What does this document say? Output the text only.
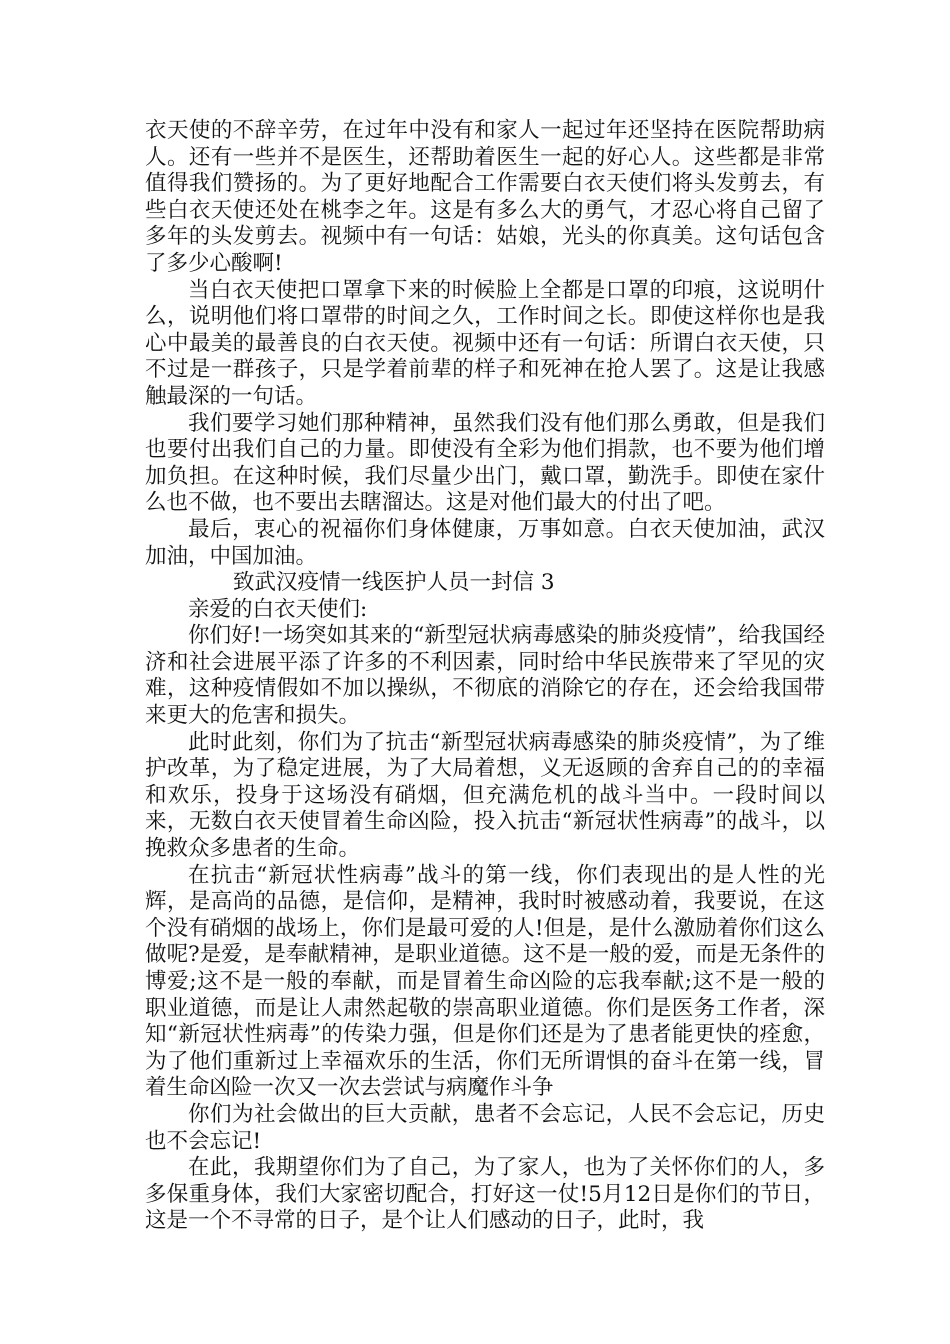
衣天使的不辞辛劳，在过年中没有和家人一起过年还坚持在医院帮助病人。还有一些并不是医生，还帮助着医生一起的好心人。这些都是非常值得我们赞扬的。为了更好地配合工作需要白衣天使们将头发剪去，有些白衣天使还处在桃李之年。这是有多么大的勇气，才忍心将自己留了多年的头发剪去。视频中有一句话：姑娘，光头的你真美。这句话包含了多少心酸啊!

当白衣天使把口罩拿下来的时候脸上全都是口罩的印痕，这说明什么，说明他们将口罩带的时间之久，工作时间之长。即使这样你也是我心中最美的最善良的白衣天使。视频中还有一句话：所谓白衣天使，只不过是一群孩子，只是学着前辈的样子和死神在抢人罢了。这是让我感触最深的一句话。

我们要学习她们那种精神，虽然我们没有他们那么勇敢，但是我们也要付出我们自己的力量。即使没有全彩为他们捐款，也不要为他们增加负担。在这种时候，我们尽量少出门，戴口罩，勤洗手。即使在家什么也不做，也不要出去瞎溜达。这是对他们最大的付出了吧。

最后，衷心的祝福你们身体健康，万事如意。白衣天使加油，武汉加油，中国加油。

致武汉疫情一线医护人员一封信 3

亲爱的白衣天使们:

你们好!一场突如其来的“新型冠状病毒感染的肺炎疫情”，给我国经济和社会进展平添了许多的不利因素，同时给中华民族带来了罕见的灾难，这种疫情假如不加以操纵，不彻底的消除它的存在，还会给我国带来更大的危害和损失。

此时此刻，你们为了抗击“新型冠状病毒感染的肺炎疫情”，为了维护改革，为了稳定进展，为了大局着想，义无返顾的舍弃自己的的幸福和欢乐，投身于这场没有硝烟，但充满危机的战斗当中。一段时间以来，无数白衣天使冒着生命凶险，投入抗击“新冠状性病毒”的战斗，以挽救众多患者的生命。

在抗击“新冠状性病毒”战斗的第一线，你们表现出的是人性的光辉，是高尚的品德，是信仰，是精神，我时时被感动着，我要说，在这个没有硝烟的战场上，你们是最可爱的人!但是，是什么激励着你们这么做呢?是爱，是奉献精神，是职业道德。这不是一般的爱，而是无条件的博爱;这不是一般的奉献，而是冒着生命凶险的忘我奉献;这不是一般的职业道德，而是让人肃然起敬的崇高职业道德。你们是医务工作者，深知“新冠状性病毒”的传染力强，但是你们还是为了患者能更快的痊愈，为了他们重新过上幸福欢乐的生活，你们无所谓惧的奋斗在第一线，冒着生命凶险一次又一次去尝试与病魔作斗争

你们为社会做出的巨大贡献，患者不会忘记，人民不会忘记，历史也不会忘记!

在此，我期望你们为了自己，为了家人，也为了关怀你们的人，多多保重身体，我们大家密切配合，打好这一仗!5月12日是你们的节日，这是一个不寻常的日子，是个让人们感动的日子，此时，我
